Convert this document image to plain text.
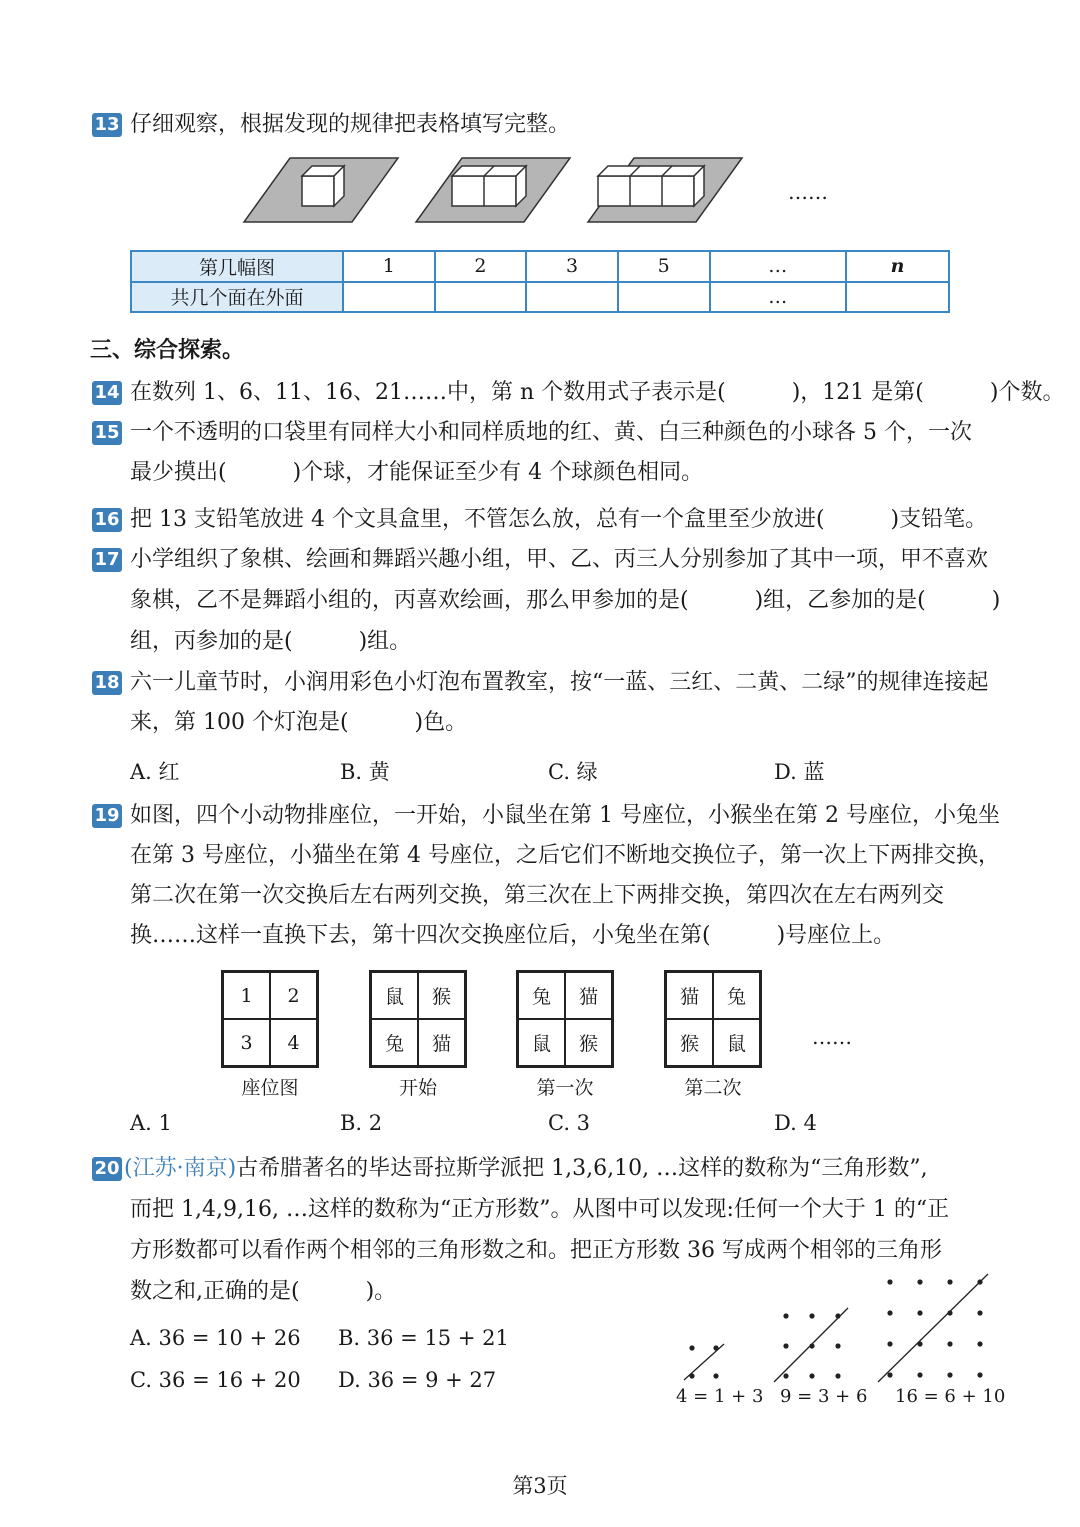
13 仔细观察，根据发现的规律把表格填写完整。
……
第几幅图	1	2	3	5	…	n
共几个面在外面					…	
三、综合探索。
14 在数列 1、6、11、16、21……中，第 n 个数用式子表示是(　　　)，121 是第(　　　)个数。
15 一个不透明的口袋里有同样大小和同样质地的红、黄、白三种颜色的小球各 5 个，一次
最少摸出(　　　)个球，才能保证至少有 4 个球颜色相同。
16 把 13 支铅笔放进 4 个文具盒里，不管怎么放，总有一个盒里至少放进(　　　)支铅笔。
17 小学组织了象棋、绘画和舞蹈兴趣小组，甲、乙、丙三人分别参加了其中一项，甲不喜欢
象棋，乙不是舞蹈小组的，丙喜欢绘画，那么甲参加的是(　　　)组，乙参加的是(　　　)
组，丙参加的是(　　　)组。
18 六一儿童节时，小润用彩色小灯泡布置教室，按“一蓝、三红、二黄、二绿”的规律连接起
来，第 100 个灯泡是(　　　)色。
A. 红	B. 黄	C. 绿	D. 蓝
19 如图，四个小动物排座位，一开始，小鼠坐在第 1 号座位，小猴坐在第 2 号座位，小兔坐
在第 3 号座位，小猫坐在第 4 号座位，之后它们不断地交换位子，第一次上下两排交换，
第二次在第一次交换后左右两列交换，第三次在上下两排交换，第四次在左右两列交
换……这样一直换下去，第十四次交换座位后，小兔坐在第(　　　)号座位上。
1	2
3	4
座位图
鼠	猴
兔	猫
开始
兔	猫
鼠	猴
第一次
猫	兔
猴	鼠
第二次
……
A. 1	B. 2	C. 3	D. 4
20 (江苏·南京)古希腊著名的毕达哥拉斯学派把 1,3,6,10, …这样的数称为“三角形数”,
而把 1,4,9,16, …这样的数称为“正方形数”。从图中可以发现:任何一个大于 1 的“正
方形数都可以看作两个相邻的三角形数之和。把正方形数 36 写成两个相邻的三角形
数之和,正确的是(　　　)。
A. 36 = 10 + 26 B. 36 = 15 + 21
C. 36 = 16 + 20 D. 36 = 9 + 27
4 = 1 + 3 9 = 3 + 6 16 = 6 + 10
第3页
